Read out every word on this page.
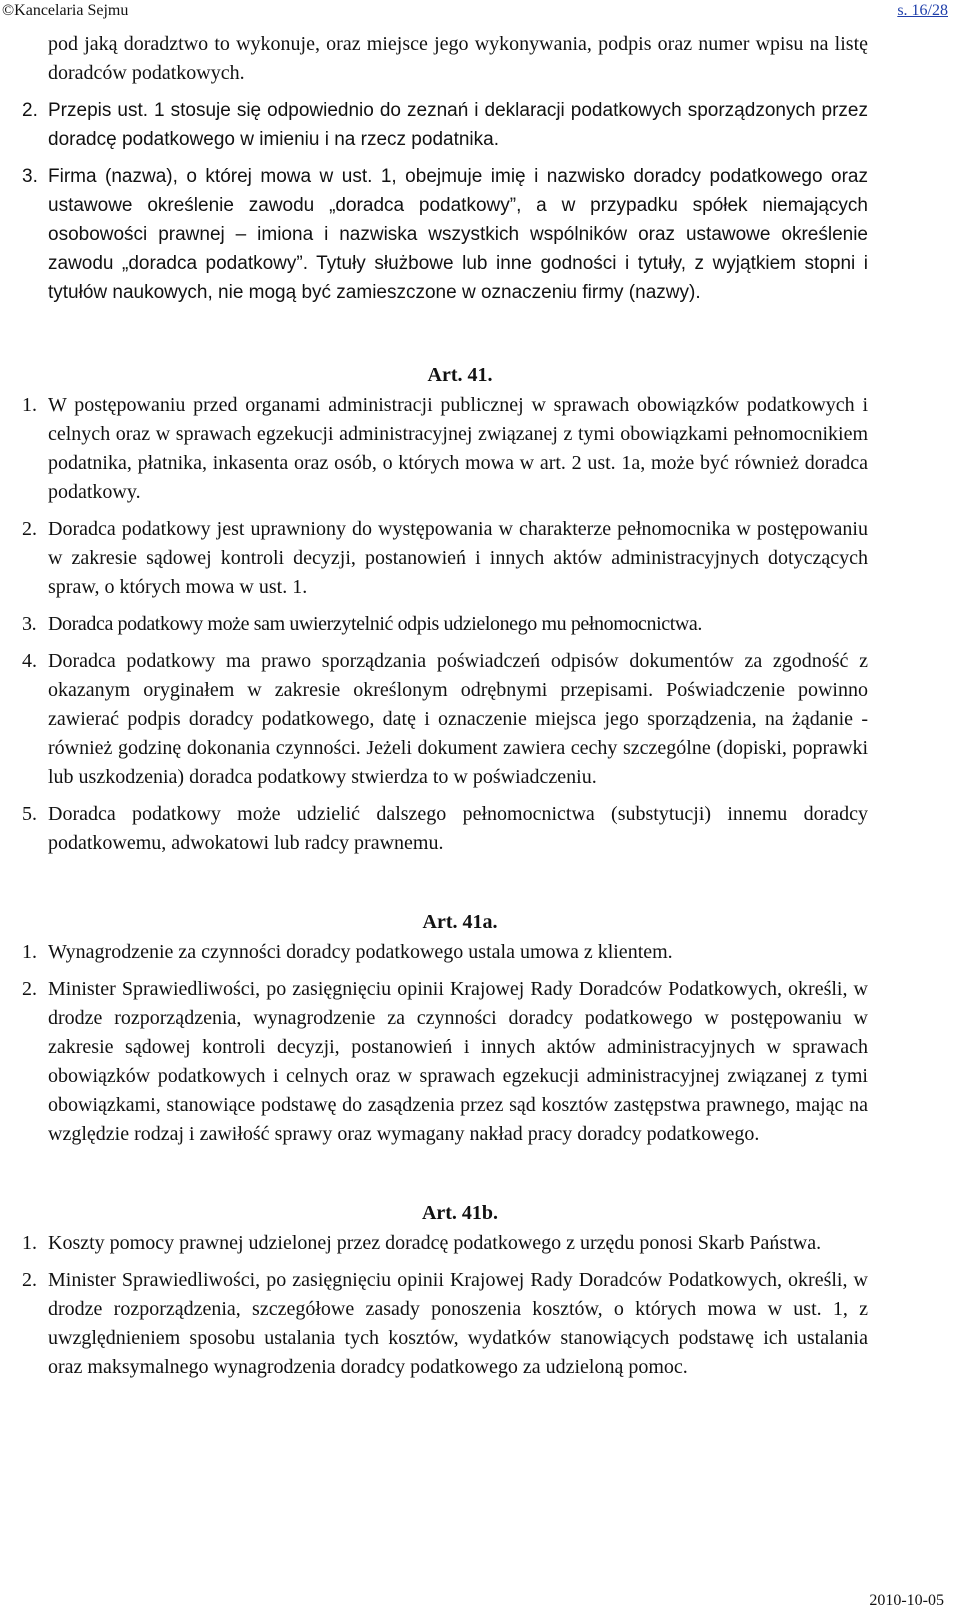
©Kancelaria Sejmu	s. 16/28

pod jaką doradztwo to wykonuje, oraz miejsce jego wykonywania, podpis oraz numer wpisu na listę doradców podatkowych.

2. Przepis ust. 1 stosuje się odpowiednio do zeznań i deklaracji podatkowych sporządzonych przez doradcę podatkowego w imieniu i na rzecz podatnika.

3. Firma (nazwa), o której mowa w ust. 1, obejmuje imię i nazwisko doradcy podatkowego oraz ustawowe określenie zawodu „doradca podatkowy”, a w przypadku spółek niemających osobowości prawnej – imiona i nazwiska wszystkich wspólników oraz ustawowe określenie zawodu „doradca podatkowy”. Tytuły służbowe lub inne godności i tytuły, z wyjątkiem stopni i tytułów naukowych, nie mogą być zamieszczone w oznaczeniu firmy (nazwy).

Art. 41.

1. W postępowaniu przed organami administracji publicznej w sprawach obowiązków podatkowych i celnych oraz w sprawach egzekucji administracyjnej związanej z tymi obowiązkami pełnomocnikiem podatnika, płatnika, inkasenta oraz osób, o których mowa w art. 2 ust. 1a, może być również doradca podatkowy.

2. Doradca podatkowy jest uprawniony do występowania w charakterze pełnomocnika w postępowaniu w zakresie sądowej kontroli decyzji, postanowień i innych aktów administracyjnych dotyczących spraw, o których mowa w ust. 1.

3. Doradca podatkowy może sam uwierzytelnić odpis udzielonego mu pełnomocnictwa.

4. Doradca podatkowy ma prawo sporządzania poświadczeń odpisów dokumentów za zgodność z okazanym oryginałem w zakresie określonym odrębnymi przepisami. Poświadczenie powinno zawierać podpis doradcy podatkowego, datę i oznaczenie miejsca jego sporządzenia, na żądanie - również godzinę dokonania czynności. Jeżeli dokument zawiera cechy szczególne (dopiski, poprawki lub uszkodzenia) doradca podatkowy stwierdza to w poświadczeniu.

5. Doradca podatkowy może udzielić dalszego pełnomocnictwa (substytucji) innemu doradcy podatkowemu, adwokatowi lub radcy prawnemu.

Art. 41a.

1. Wynagrodzenie za czynności doradcy podatkowego ustala umowa z klientem.

2. Minister Sprawiedliwości, po zasięgnięciu opinii Krajowej Rady Doradców Podatkowych, określi, w drodze rozporządzenia, wynagrodzenie za czynności doradcy podatkowego w postępowaniu w zakresie sądowej kontroli decyzji, postanowień i innych aktów administracyjnych w sprawach obowiązków podatkowych i celnych oraz w sprawach egzekucji administracyjnej związanej z tymi obowiązkami, stanowiące podstawę do zasądzenia przez sąd kosztów zastępstwa prawnego, mając na względzie rodzaj i zawiłość sprawy oraz wymagany nakład pracy doradcy podatkowego.

Art. 41b.

1. Koszty pomocy prawnej udzielonej przez doradcę podatkowego z urzędu ponosi Skarb Państwa.

2. Minister Sprawiedliwości, po zasięgnięciu opinii Krajowej Rady Doradców Podatkowych, określi, w drodze rozporządzenia, szczegółowe zasady ponoszenia kosztów, o których mowa w ust. 1, z uwzględnieniem sposobu ustalania tych kosztów, wydatków stanowiących podstawę ich ustalania oraz maksymalnego wynagrodzenia doradcy podatkowego za udzieloną pomoc.

2010-10-05
